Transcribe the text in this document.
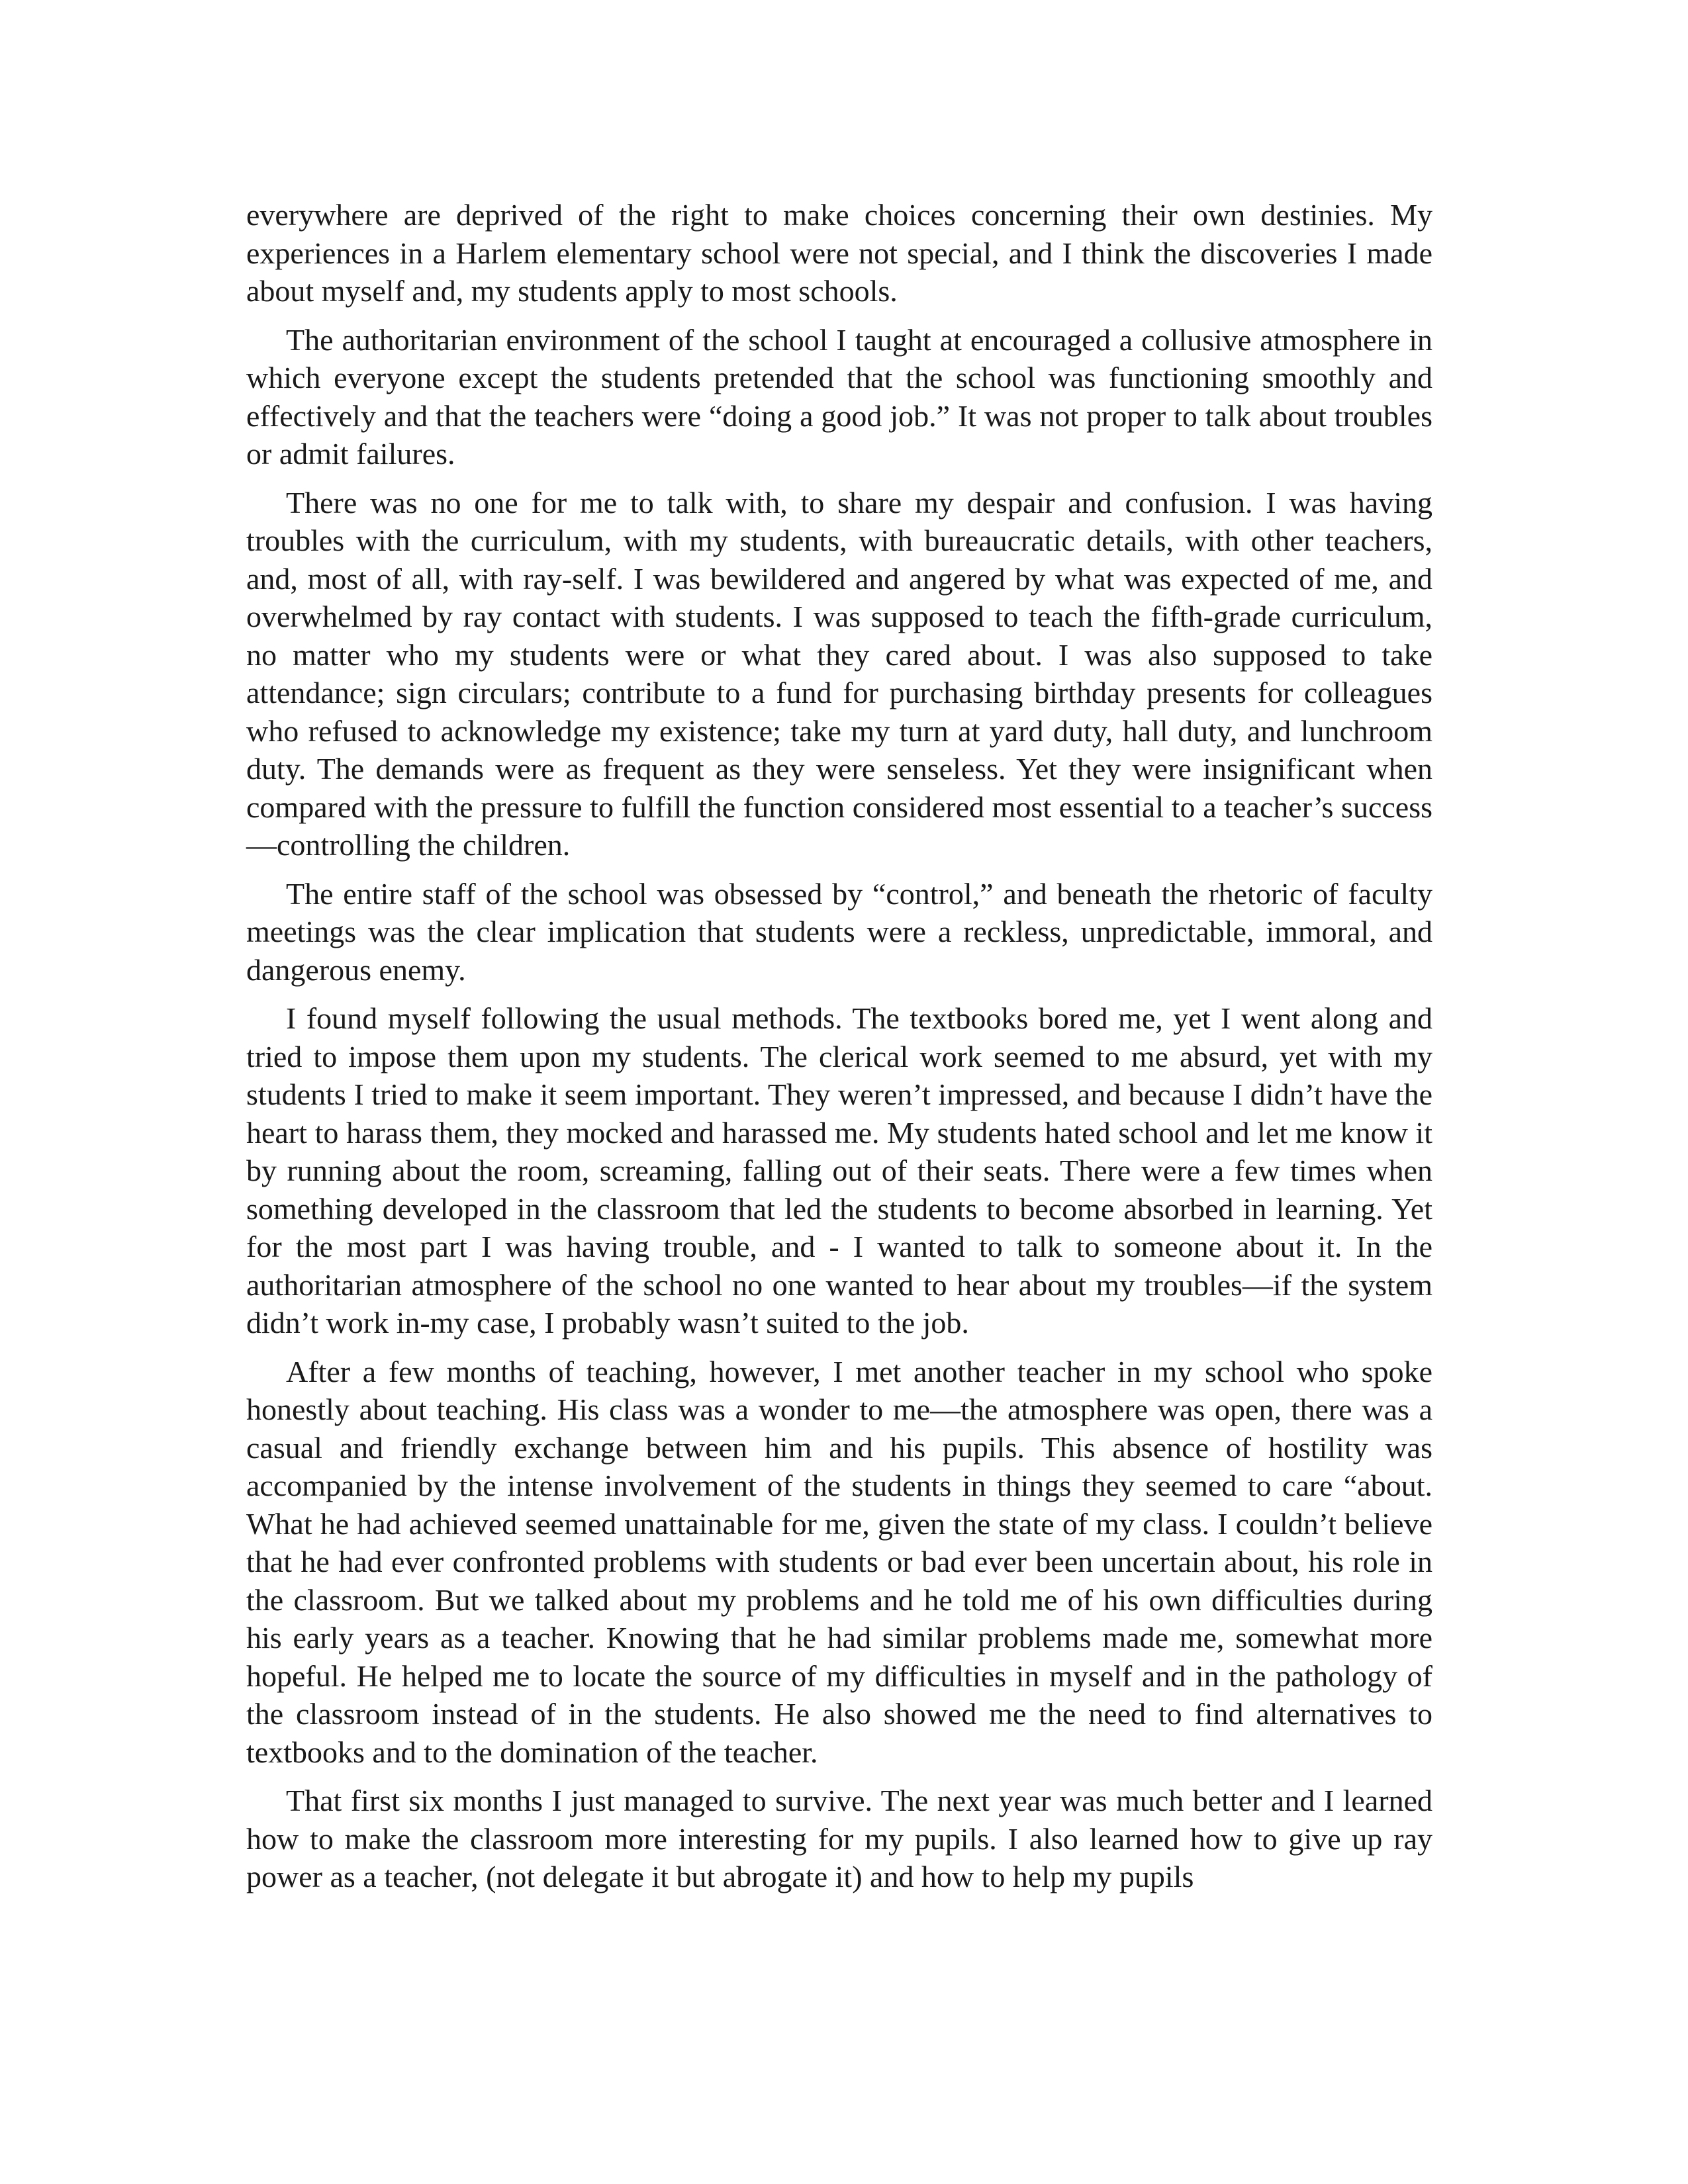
everywhere are deprived of the right to make choices concerning their own destinies. My experiences in a Harlem elementary school were not special, and I think the discoveries I made about myself and, my students apply to most schools.

The authoritarian environment of the school I taught at encouraged a collusive atmosphere in which everyone except the students pretended that the school was functioning smoothly and effectively and that the teachers were “doing a good job.” It was not proper to talk about troubles or admit failures.

There was no one for me to talk with, to share my despair and confusion. I was having troubles with the curriculum, with my students, with bureaucratic details, with other teachers, and, most of all, with ray-self. I was bewildered and angered by what was expected of me, and overwhelmed by ray contact with students. I was supposed to teach the fifth-grade curriculum, no matter who my students were or what they cared about. I was also supposed to take attendance; sign circulars; contribute to a fund for purchasing birthday presents for colleagues who refused to acknowledge my existence; take my turn at yard duty, hall duty, and lunchroom duty. The demands were as frequent as they were senseless. Yet they were insignificant when compared with the pressure to fulfill the function considered most essential to a teacher’s success—controlling the children.

The entire staff of the school was obsessed by “control,” and beneath the rhetoric of faculty meetings was the clear implication that students were a reckless, unpredictable, immoral, and dangerous enemy.

I found myself following the usual methods. The textbooks bored me, yet I went along and tried to impose them upon my students. The clerical work seemed to me absurd, yet with my students I tried to make it seem important. They weren’t impressed, and because I didn’t have the heart to harass them, they mocked and harassed me. My students hated school and let me know it by running about the room, screaming, falling out of their seats. There were a few times when something developed in the classroom that led the students to become absorbed in learning. Yet for the most part I was having trouble, and - I wanted to talk to someone about it. In the authoritarian atmosphere of the school no one wanted to hear about my troubles—if the system didn’t work in-my case, I probably wasn’t suited to the job.

After a few months of teaching, however, I met another teacher in my school who spoke honestly about teaching. His class was a wonder to me—the atmosphere was open, there was a casual and friendly exchange between him and his pupils. This absence of hostility was accompanied by the intense involvement of the students in things they seemed to care “about. What he had achieved seemed unattainable for me, given the state of my class. I couldn’t believe that he had ever confronted problems with students or bad ever been uncertain about, his role in the classroom. But we talked about my problems and he told me of his own difficulties during his early years as a teacher. Knowing that he had similar problems made me, somewhat more hopeful. He helped me to locate the source of my difficulties in myself and in the pathology of the classroom instead of in the students. He also showed me the need to find alternatives to textbooks and to the domination of the teacher.

That first six months I just managed to survive. The next year was much better and I learned how to make the classroom more interesting for my pupils. I also learned how to give up ray power as a teacher, (not delegate it but abrogate it) and how to help my pupils
